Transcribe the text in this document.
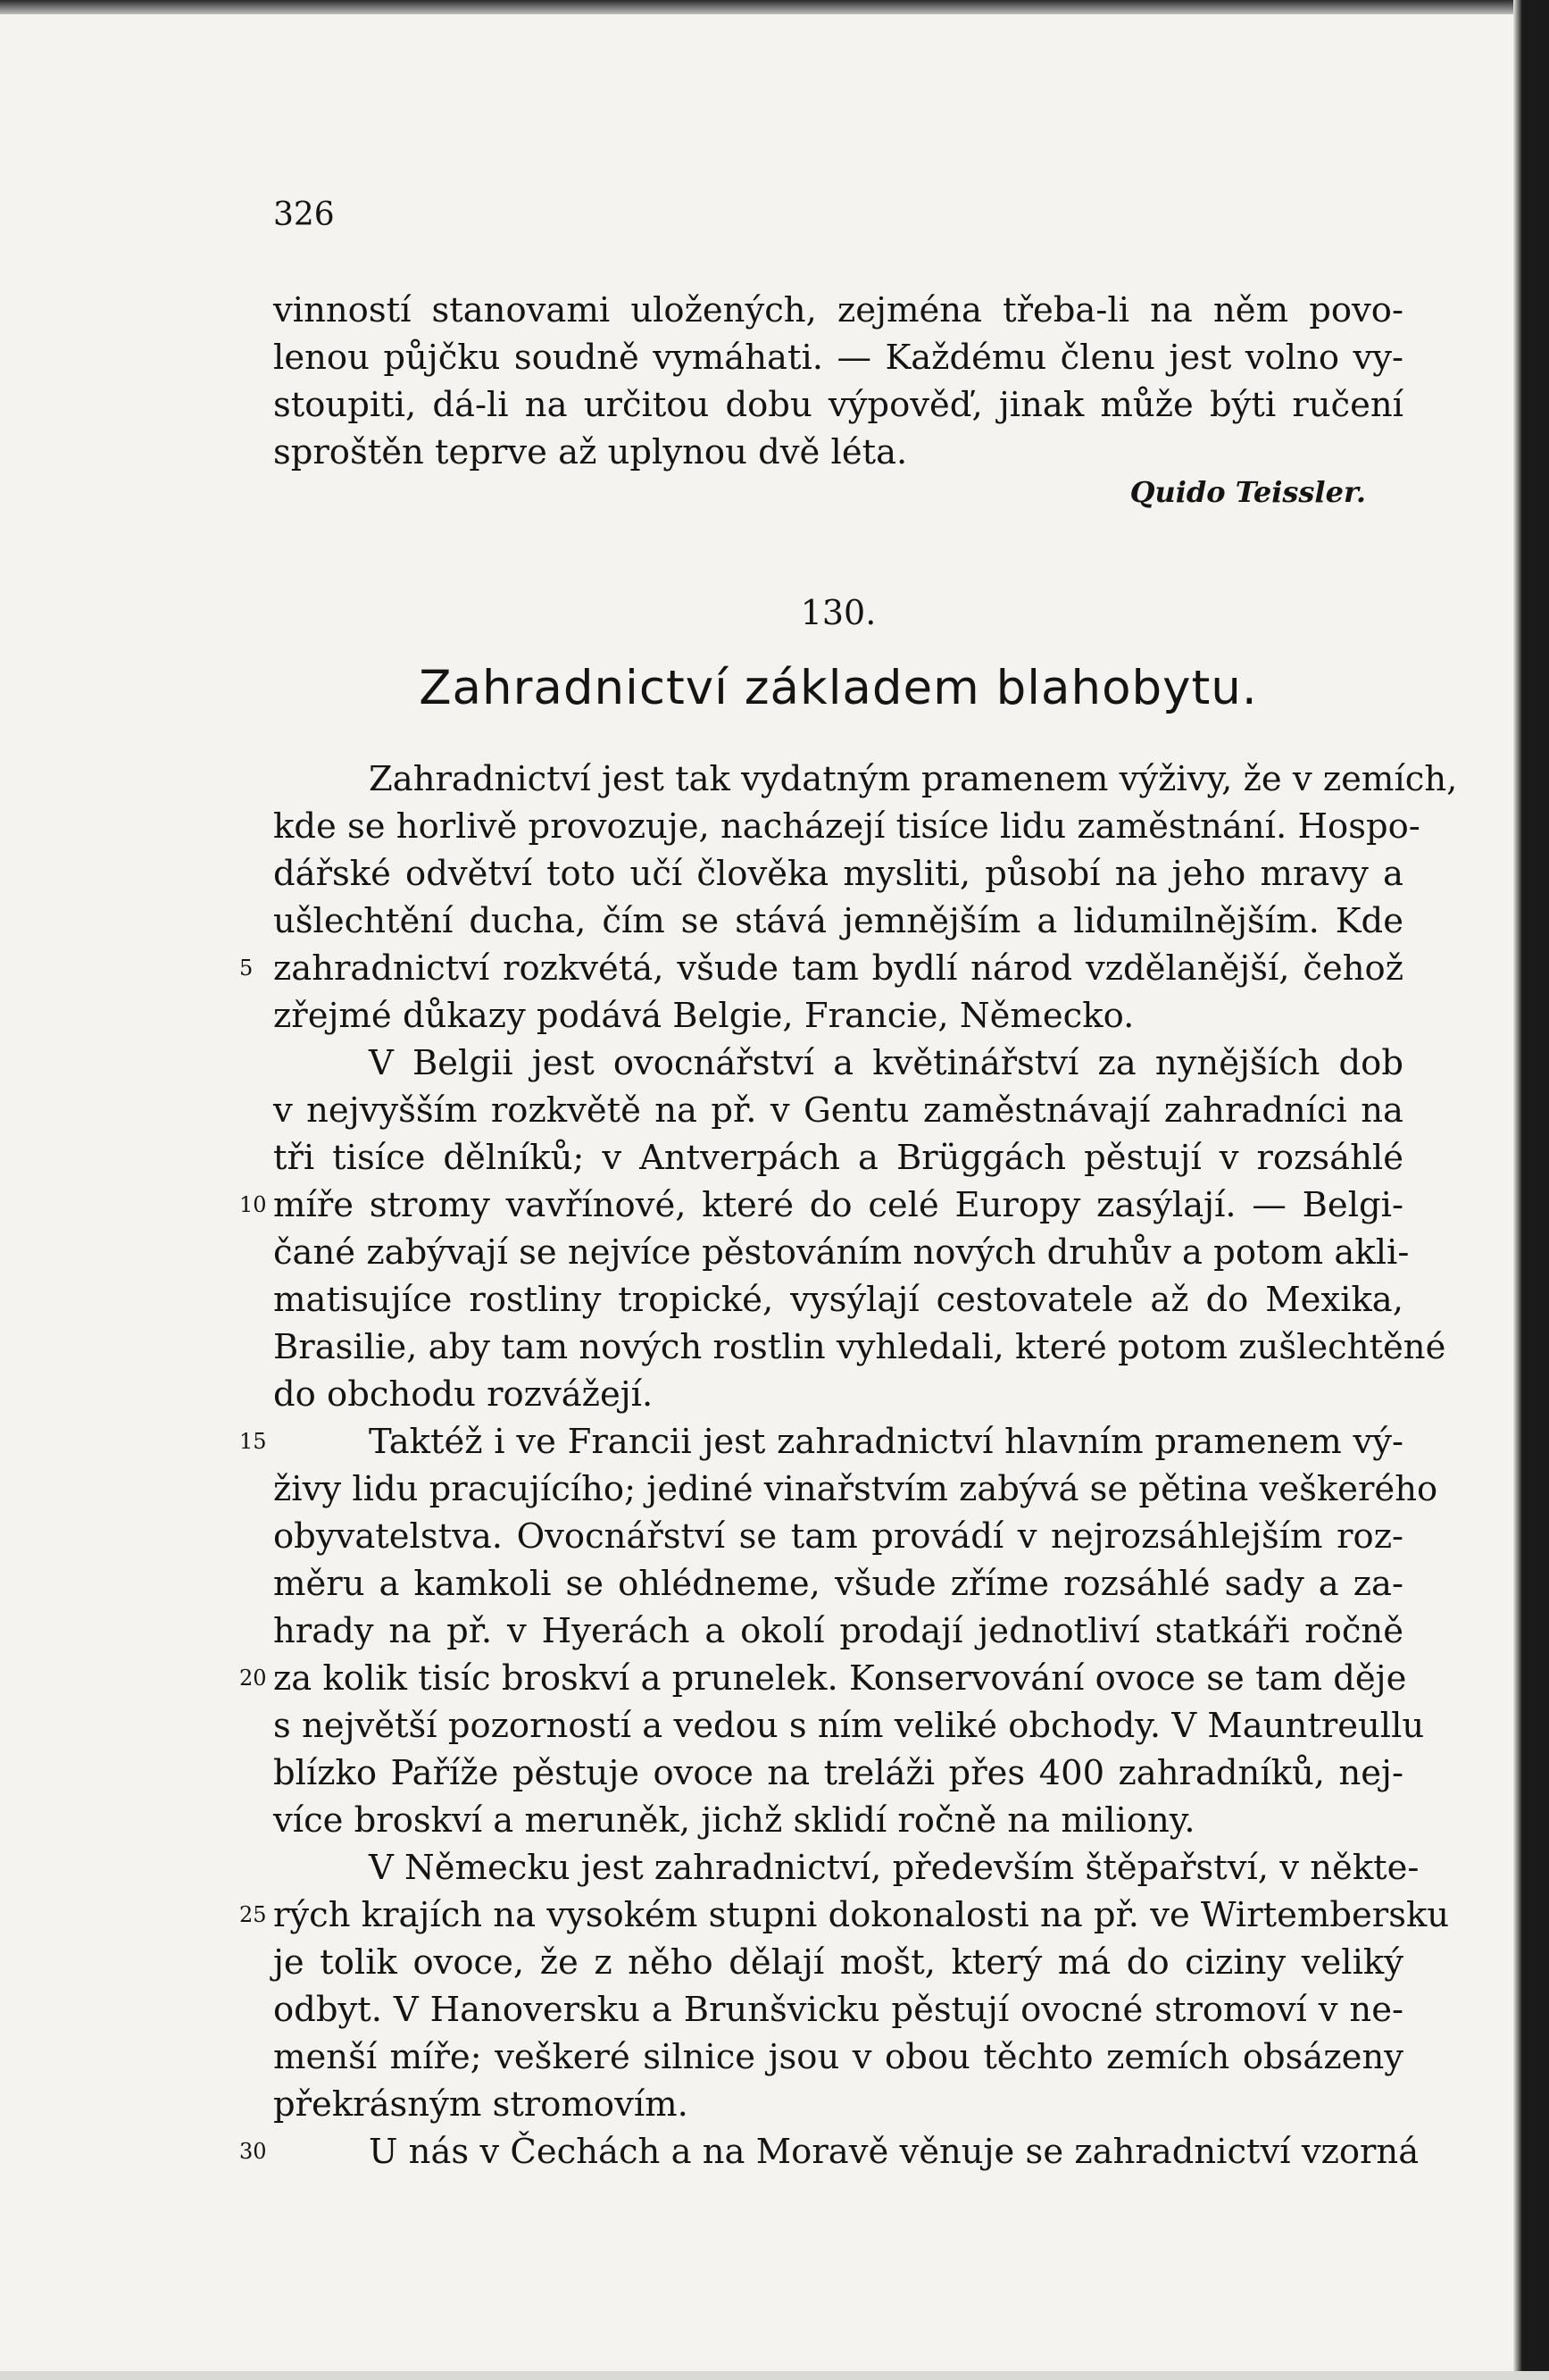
326
vinností stanovami uložených, zejména třeba-li na něm povo-
lenou půjčku soudně vymáhati. — Každému členu jest volno vy-
stoupiti, dá-li na určitou dobu výpověď, jinak může býti ručení
sproštěn teprve až uplynou dvě léta.
Quido Teissler.
130.
Zahradnictví základem blahobytu.
Zahradnictví jest tak vydatným pramenem výživy, že v zemích,
kde se horlivě provozuje, nacházejí tisíce lidu zaměstnání. Hospo-
dářské odvětví toto učí člověka mysliti, působí na jeho mravy a
ušlechtění ducha, čím se stává jemnějším a lidumilnějším. Kde
zahradnictví rozkvétá, všude tam bydlí národ vzdělanější, čehož
zřejmé důkazy podává Belgie, Francie, Německo.
V Belgii jest ovocnářství a květinářství za nynějších dob
v nejvyšším rozkvětě na př. v Gentu zaměstnávají zahradníci na
tři tisíce dělníků; v Antverpách a Brüggách pěstují v rozsáhlé
míře stromy vavřínové, které do celé Europy zasýlají. — Belgi-
čané zabývají se nejvíce pěstováním nových druhův a potom akli-
matisujíce rostliny tropické, vysýlají cestovatele až do Mexika,
Brasilie, aby tam nových rostlin vyhledali, které potom zušlechtěné
do obchodu rozvážejí.
Taktéž i ve Francii jest zahradnictví hlavním pramenem vý-
živy lidu pracujícího; jediné vinařstvím zabývá se pětina veškerého
obyvatelstva. Ovocnářství se tam provádí v nejrozsáhlejším roz-
měru a kamkoli se ohlédneme, všude zříme rozsáhlé sady a za-
hrady na př. v Hyerách a okolí prodají jednotliví statkáři ročně
za kolik tisíc broskví a prunelek. Konservování ovoce se tam děje
s největší pozorností a vedou s ním veliké obchody. V Mauntreullu
blízko Paříže pěstuje ovoce na treláži přes 400 zahradníků, nej-
více broskví a meruněk, jichž sklidí ročně na miliony.
V Německu jest zahradnictví, především štěpařství, v někte-
rých krajích na vysokém stupni dokonalosti na př. ve Wirtembersku
je tolik ovoce, že z něho dělají mošt, který má do ciziny veliký
odbyt. V Hanoversku a Brunšvicku pěstují ovocné stromoví v ne-
menší míře; veškeré silnice jsou v obou těchto zemích obsázeny
překrásným stromovím.
U nás v Čechách a na Moravě věnuje se zahradnictví vzorná
5
10
15
20
25
30
